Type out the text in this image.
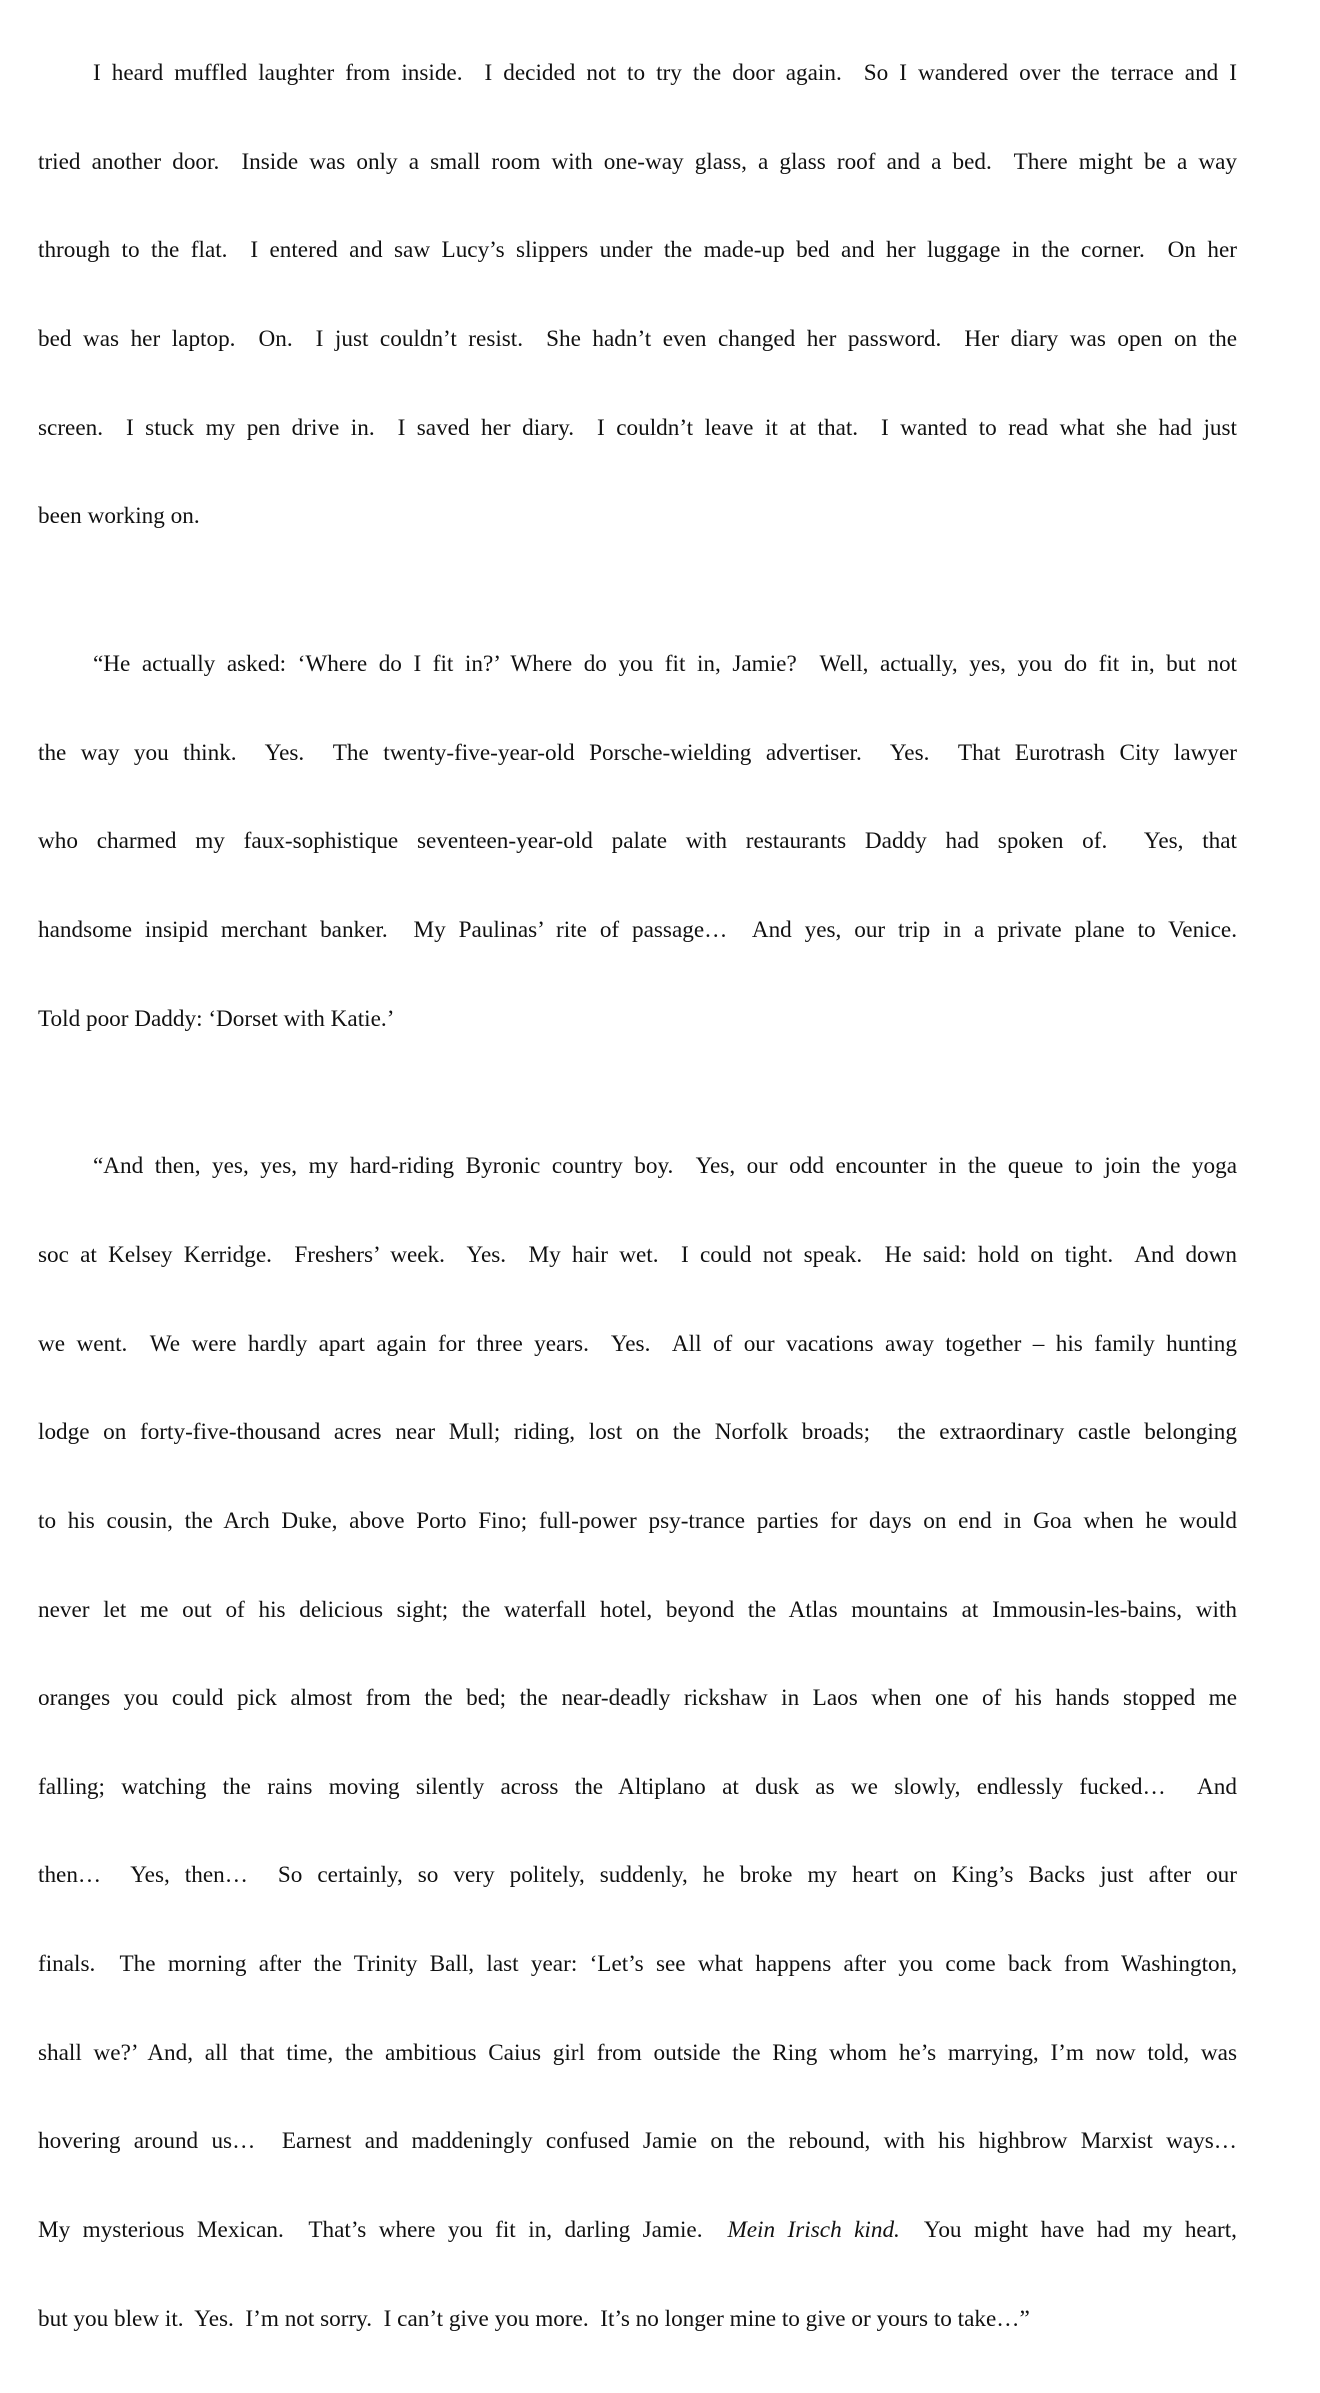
I heard muffled laughter from inside.  I decided not to try the door again.  So I wandered over the terrace and I

tried another door.  Inside was only a small room with one-way glass, a glass roof and a bed.  There might be a way

through to the flat.  I entered and saw Lucy’s slippers under the made-up bed and her luggage in the corner.  On her

bed was her laptop.  On.  I just couldn’t resist.  She hadn’t even changed her password.  Her diary was open on the

screen.  I stuck my pen drive in.  I saved her diary.  I couldn’t leave it at that.  I wanted to read what she had just

been working on.

“He actually asked: ‘Where do I fit in?’ Where do you fit in, Jamie?  Well, actually, yes, you do fit in, but not

the way you think.  Yes.  The twenty-five-year-old Porsche-wielding advertiser.  Yes.  That Eurotrash City lawyer

who charmed my faux-sophistique seventeen-year-old palate with restaurants Daddy had spoken of.  Yes, that

handsome insipid merchant banker.  My Paulinas’ rite of passage…  And yes, our trip in a private plane to Venice.

Told poor Daddy: ‘Dorset with Katie.’

“And then, yes, yes, my hard-riding Byronic country boy.  Yes, our odd encounter in the queue to join the yoga

soc at Kelsey Kerridge.  Freshers’ week.  Yes.  My hair wet.  I could not speak.  He said: hold on tight.  And down

we went.  We were hardly apart again for three years.  Yes.  All of our vacations away together – his family hunting

lodge on forty-five-thousand acres near Mull; riding, lost on the Norfolk broads;  the extraordinary castle belonging

to his cousin, the Arch Duke, above Porto Fino; full-power psy-trance parties for days on end in Goa when he would

never let me out of his delicious sight; the waterfall hotel, beyond the Atlas mountains at Immousin-les-bains, with

oranges you could pick almost from the bed; the near-deadly rickshaw in Laos when one of his hands stopped me

falling; watching the rains moving silently across the Altiplano at dusk as we slowly, endlessly fucked…  And

then…  Yes, then…  So certainly, so very politely, suddenly, he broke my heart on King’s Backs just after our

finals.  The morning after the Trinity Ball, last year: ‘Let’s see what happens after you come back from Washington,

shall we?’ And, all that time, the ambitious Caius girl from outside the Ring whom he’s marrying, I’m now told, was

hovering around us…  Earnest and maddeningly confused Jamie on the rebound, with his highbrow Marxist ways…

My mysterious Mexican.  That’s where you fit in, darling Jamie.  Mein Irisch kind.  You might have had my heart,

but you blew it.  Yes.  I’m not sorry.  I can’t give you more.  It’s no longer mine to give or yours to take…”
